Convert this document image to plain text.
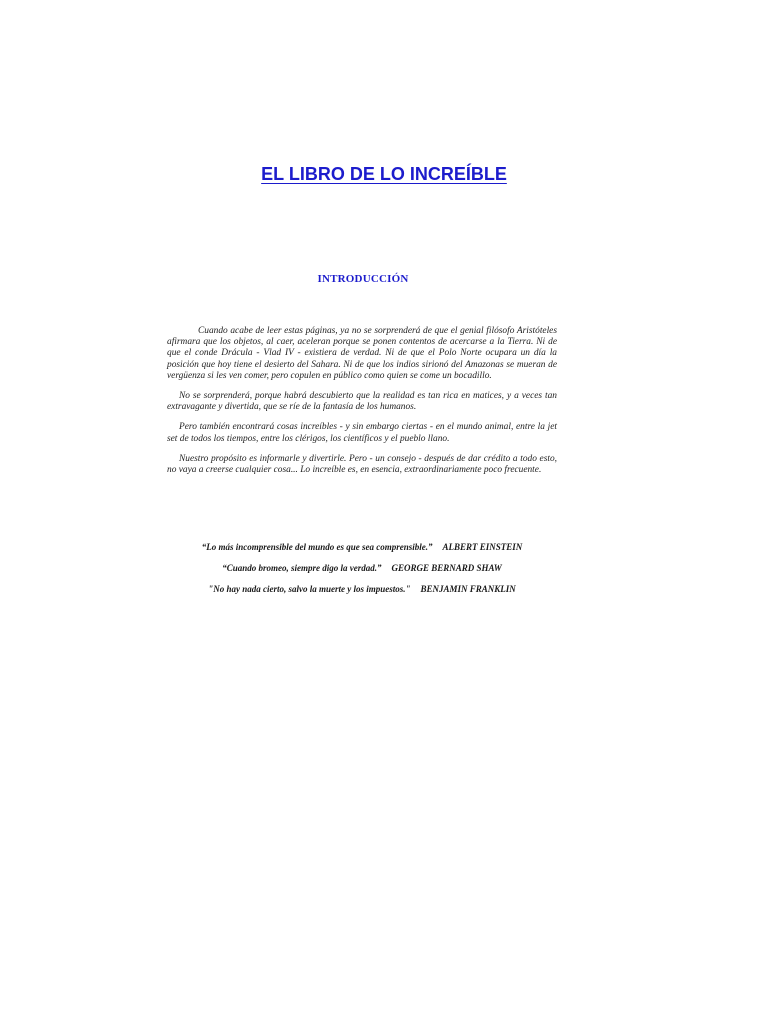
EL LIBRO DE LO INCREÍBLE
INTRODUCCIÓN

Cuando acabe de leer estas páginas, ya no se sorprenderá de que el genial filósofo Aristóteles afirmara que los objetos, al caer, aceleran porque se ponen contentos de acercarse a la Tierra. Ni de que el conde Drácula - Vlad IV - existiera de verdad. Ni de que el Polo Norte ocupara un día la posición que hoy tiene el desierto del Sahara. Ni de que los indios sirionó del Amazonas se mueran de vergüenza si les ven comer, pero copulen en público como quien se come un bocadillo.

No se sorprenderá, porque habrá descubierto que la realidad es tan rica en matices, y a veces tan extravagante y divertida, que se ríe de la fantasía de los humanos.

Pero también encontrará cosas increíbles - y sin embargo ciertas - en el mundo animal, entre la jet set de todos los tiempos, entre los clérigos, los científicos y el pueblo llano.

Nuestro propósito es informarle y divertirle. Pero - un consejo - después de dar crédito a todo esto, no vaya a creerse cualquier cosa... Lo increíble es, en esencia, extraordinariamente poco frecuente.

“Lo más incomprensible del mundo es que sea comprensible.” ALBERT EINSTEIN
“Cuando bromeo, siempre digo la verdad.” GEORGE BERNARD SHAW
"No hay nada cierto, salvo la muerte y los impuestos." BENJAMIN FRANKLIN
